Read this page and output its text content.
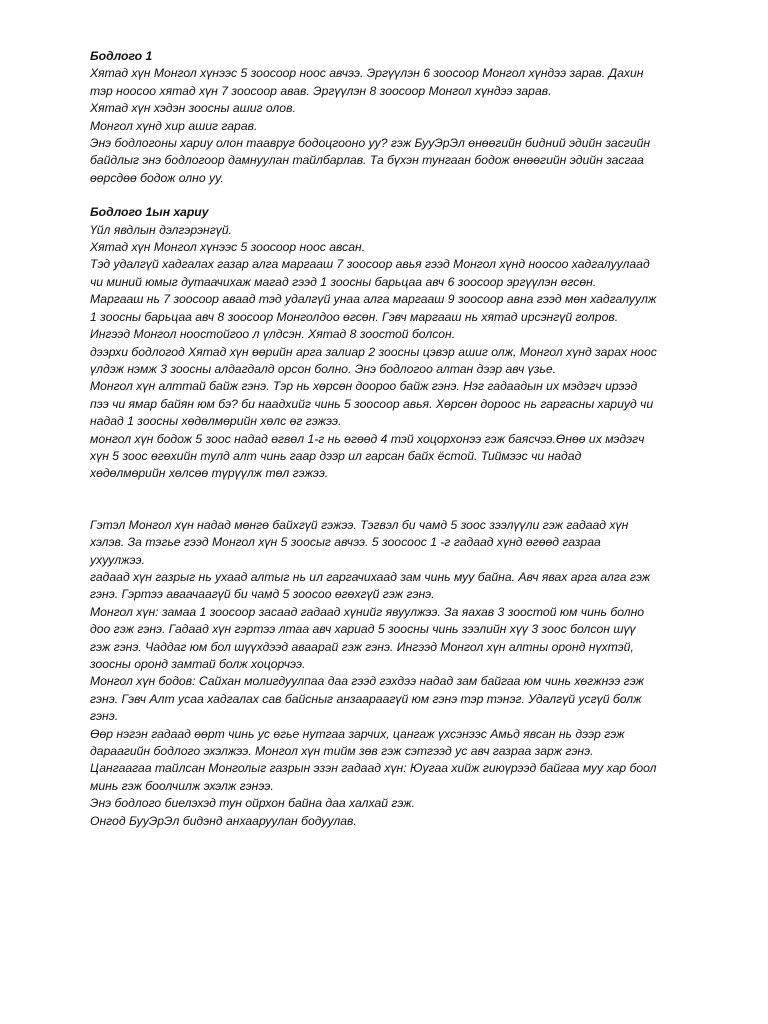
Бодлого 1

Хятад хүн Монгол хүнээс 5 зоосоор ноос авчээ. Эргүүлэн 6 зоосоор Монгол хүндээ зарав. Дахин

тэр ноосоо хятад хүн 7 зоосоор авав. Эргүүлэн 8 зоосоор Монгол хүндээ зарав.

Хятад хүн хэдэн зоосны ашиг олов.

Монгол хүнд хир ашиг гарав.

Энэ бодлогоны хариу олон таавруг бодоцгооно уу? гэж БууЭрЭл өнөөгийн бидний эдийн засгийн

байдлыг энэ бодлогоор дамнуулан тайлбарлав. Та бүхэн тунгаан бодож өнөөгийн эдийн засгаа

өөрсдөө бодож олно уу.

Бодлого 1ын хариу

Үйл явдлын дэлгэрэнгүй.

Хятад хүн Монгол хүнээс 5 зоосоор ноос авсан.

Тэд удалгүй хадгалах газар алга маргааш 7 зоосоор авья гээд Монгол хүнд ноосоо хадгалуулаад

чи миний юмыг дутаачихаж магад гээд 1 зоосны барьцаа авч 6 зоосоор эргүүлэн өгсөн.

Маргааш нь 7 зоосоор аваад тэд удалгүй унаа алга маргааш 9 зоосоор авна гээд мөн хадгалуулж

1 зоосны барьцаа авч 8 зоосоор Монголдоо өгсөн. Гэвч маргааш нь хятад ирсэнгүй голров.

Ингээд Монгол ноостойгоо л үлдсэн. Хятад 8 зоостой болсон.

дээрхи бодлогод Хятад хүн өөрийн арга залиар 2 зоосны цэвэр ашиг олж, Монгол хүнд зарах ноос

үлдэж нэмж 3 зоосны алдагдалд орсон болно. Энэ бодлогоо алтан дээр авч үзье.

Монгол хүн алттай байж гэнэ. Тэр нь хөрсөн доороо байж гэнэ. Нэг гадаадын их мэдэгч ирээд

пээ чи ямар байян юм бэ? би наадхийг чинь 5 зоосоор авья. Хөрсөн дороос нь гаргасны хариуд чи

надад 1 зоосны хөдөлмөрийн хөлс өг гэжээ.

монгол хүн бодож 5 зоос надад өгвөл 1-г нь өгөөд 4 тэй хоцорхонээ гэж баясчээ.Өнөө их мэдэгч

хүн 5 зоос өгөхийн тулд алт чинь гаар дээр ил гарсан байх ёстой. Тиймээс чи надад

хөдөлмөрийн хөлсөө түрүүлж төл гэжээ.

Гэтэл Монгол хүн надад мөнгө байхгүй гэжээ. Тэгвэл би чамд 5 зоос зээлүүли гэж гадаад хүн

хэлэв. За тэгье гээд Монгол хүн 5 зоосыг авчээ. 5 зоосоос 1 -г гадаад хүнд өгөөд газраа

ухуулжээ.

гадаад хүн газрыг нь ухаад алтыг нь ил гаргачихаад зам чинь муу байна. Авч явах арга алга гэж

гэнэ. Гэртээ аваачаагүй би чамд 5 зоосоо өгөхгүй гэж гэнэ.

Монгол хүн: замаа 1 зоосоор засаад гадаад хүнийг явуулжээ. За яахав 3 зоостой юм чинь болно

доо гэж гэнэ. Гадаад хүн гэртээ лтаа авч хариад 5 зоосны чинь зээлийн хүү 3 зоос болсон шүү

гэж гэнэ. Чаддаг юм бол шүүхдээд аваарай гэж гэнэ. Ингээд Монгол хүн алтны оронд нүхтэй,

зоосны оронд замтай болж хоцорчээ.

Монгол хүн бодов: Сайхан молигдуулпаа даа гээд гэхдээ надад зам байгаа юм чинь хөгжнээ гэж

гэнэ. Гэвч Алт усаа хадгалах сав байсныг анзаараагүй юм гэнэ тэр тэнэг. Удалгүй усгүй болж

гэнэ.

Өөр нэгэн гадаад өөрт чинь ус өгье нутгаа зарчих, цангаж үхсэнээс Амьд явсан нь дээр гэж

дараагийн бодлого эхэлжээ. Монгол хүн тийм зөв гэж сэтгээд ус авч газраа зарж гэнэ.

Цангаагаа тайлсан Монголыг газрын эзэн гадаад хүн: Юугаа хийж гиюүрээд байгаа муу хар боол

минь гэж боолчилж эхэлж гэнээ.

Энэ бодлого биелэхэд тун ойрхон байна даа халхай гэж.

Онгод БууЭрЭл бидэнд анхааруулан бодуулав.
